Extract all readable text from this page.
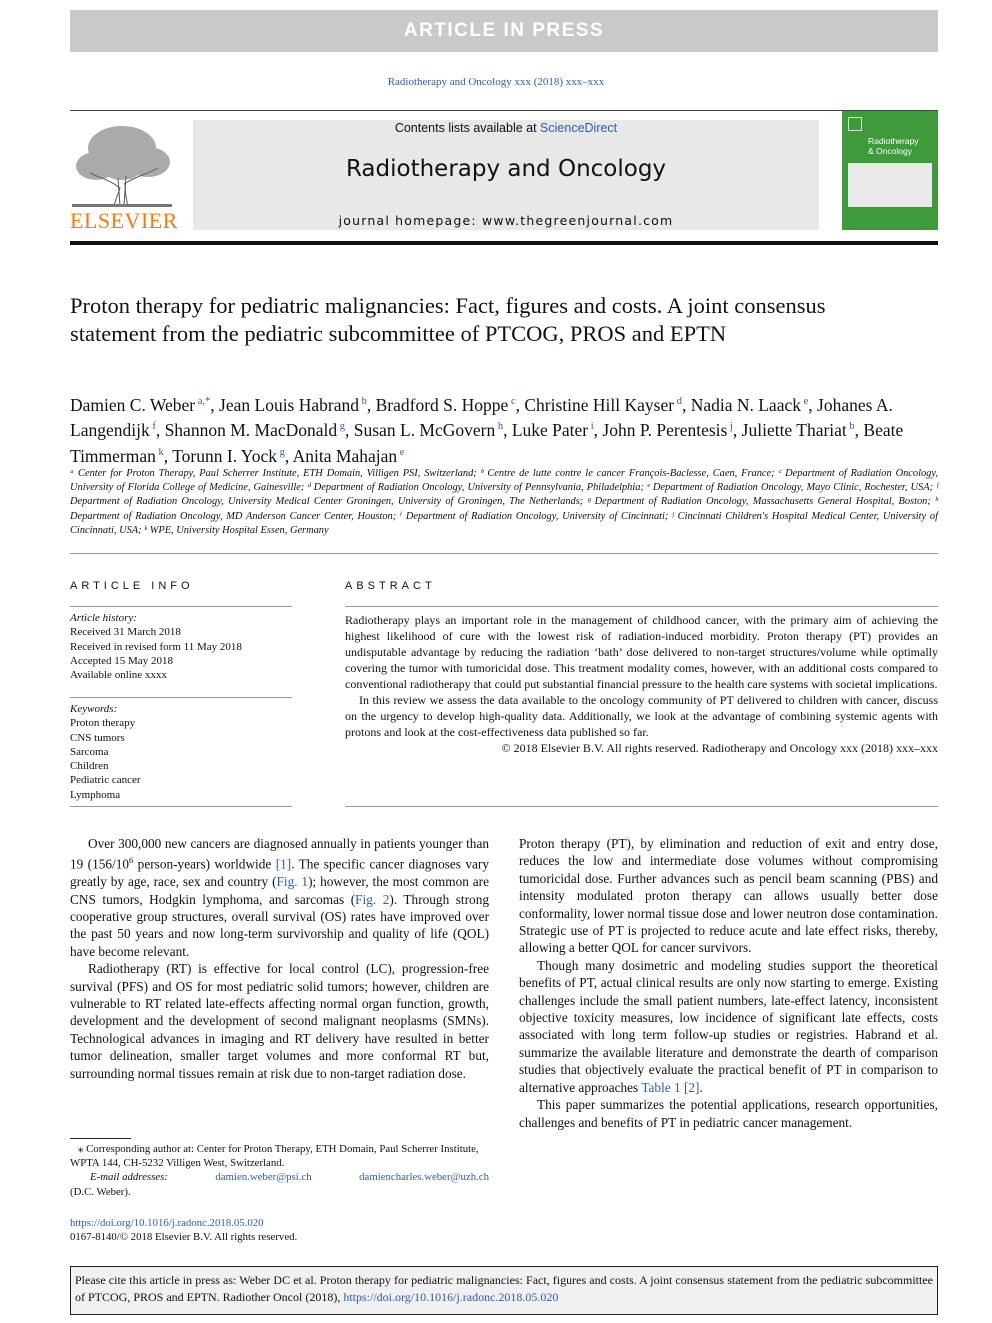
ARTICLE IN PRESS
Radiotherapy and Oncology xxx (2018) xxx–xxx
ELSEVIER
Contents lists available at ScienceDirect
Radiotherapy and Oncology
journal homepage: www.thegreenjournal.com
Radiotherapy
& Oncology
Proton therapy for pediatric malignancies: Fact, figures and costs. A joint consensus statement from the pediatric subcommittee of PTCOG, PROS and EPTN
Damien C. Weber $^{a,*}$, Jean Louis Habrand $^b$, Bradford S. Hoppe $^c$, Christine Hill Kayser $^d$, Nadia N. Laack $^e$, Johanes A. Langendijk $^f$, Shannon M. MacDonald $^g$, Susan L. McGovern $^h$, Luke Pater $^i$, John P. Perentesis $^j$, Juliette Thariat $^b$, Beate Timmerman $^k$, Torunn I. Yock $^g$, Anita Mahajan $^e$
ᵃ Center for Proton Therapy, Paul Scherrer Institute, ETH Domain, Villigen PSI, Switzerland; ᵇ Centre de lutte contre le cancer François-Baclesse, Caen, France; ᶜ Department of Radiation Oncology, University of Florida College of Medicine, Gainesville; ᵈ Department of Radiation Oncology, University of Pennsylvania, Philadelphia; ᵉ Department of Radiation Oncology, Mayo Clinic, Rochester, USA; ᶠ Department of Radiation Oncology, University Medical Center Groningen, University of Groningen, The Netherlands; ᵍ Department of Radiation Oncology, Massachusetts General Hospital, Boston; ʰ Department of Radiation Oncology, MD Anderson Cancer Center, Houston; ⁱ Department of Radiation Oncology, University of Cincinnati; ʲ Cincinnati Children's Hospital Medical Center, University of Cincinnati, USA; ᵏ WPE, University Hospital Essen, Germany
ARTICLE INFO
Article history:
Received 31 March 2018
Received in revised form 11 May 2018
Accepted 15 May 2018
Available online xxxx
Keywords:
Proton therapy
CNS tumors
Sarcoma
Children
Pediatric cancer
Lymphoma
ABSTRACT

Radiotherapy plays an important role in the management of childhood cancer, with the primary aim of achieving the highest likelihood of cure with the lowest risk of radiation-induced morbidity. Proton therapy (PT) provides an undisputable advantage by reducing the radiation ‘bath’ dose delivered to non-target structures/volume while optimally covering the tumor with tumoricidal dose. This treatment modality comes, however, with an additional costs compared to conventional radiotherapy that could put substantial financial pressure to the health care systems with societal implications.

In this review we assess the data available to the oncology community of PT delivered to children with cancer, discuss on the urgency to develop high-quality data. Additionally, we look at the advantage of combining systemic agents with protons and look at the cost-effectiveness data published so far.

© 2018 Elsevier B.V. All rights reserved. Radiotherapy and Oncology xxx (2018) xxx–xxx

Over 300,000 new cancers are diagnosed annually in patients younger than 19 ($156/10^6$ person-years) worldwide [1]. The specific cancer diagnoses vary greatly by age, race, sex and country (Fig. 1); however, the most common are CNS tumors, Hodgkin lymphoma, and sarcomas (Fig. 2). Through strong cooperative group structures, overall survival (OS) rates have improved over the past 50 years and now long-term survivorship and quality of life (QOL) have become relevant.

Radiotherapy (RT) is effective for local control (LC), progression-free survival (PFS) and OS for most pediatric solid tumors; however, children are vulnerable to RT related late-effects affecting normal organ function, growth, development and the development of second malignant neoplasms (SMNs). Technological advances in imaging and RT delivery have resulted in better tumor delineation, smaller target volumes and more conformal RT but, surrounding normal tissues remain at risk due to non-target radiation dose.

Proton therapy (PT), by elimination and reduction of exit and entry dose, reduces the low and intermediate dose volumes without compromising tumoricidal dose. Further advances such as pencil beam scanning (PBS) and intensity modulated proton therapy can allows usually better dose conformality, lower normal tissue dose and lower neutron dose contamination. Strategic use of PT is projected to reduce acute and late effect risks, thereby, allowing a better QOL for cancer survivors.

Though many dosimetric and modeling studies support the theoretical benefits of PT, actual clinical results are only now starting to emerge. Existing challenges include the small patient numbers, late-effect latency, inconsistent objective toxicity measures, low incidence of significant late effects, costs associated with long term follow-up studies or registries. Habrand et al. summarize the available literature and demonstrate the dearth of comparison studies that objectively evaluate the practical benefit of PT in comparison to alternative approaches Table 1 [2].

This paper summarizes the potential applications, research opportunities, challenges and benefits of PT in pediatric cancer management.

⁎ Corresponding author at: Center for Proton Therapy, ETH Domain, Paul Scherrer Institute, WPTA 144, CH-5232 Villigen West, Switzerland.
E-mail addresses:	damien.weber@psi.ch	damiencharles.weber@uzh.ch
(D.C. Weber).
https://doi.org/10.1016/j.radonc.2018.05.020
0167-8140/© 2018 Elsevier B.V. All rights reserved.
Please cite this article in press as: Weber DC et al. Proton therapy for pediatric malignancies: Fact, figures and costs. A joint consensus statement from the pediatric subcommittee of PTCOG, PROS and EPTN. Radiother Oncol (2018), https://doi.org/10.1016/j.radonc.2018.05.020
